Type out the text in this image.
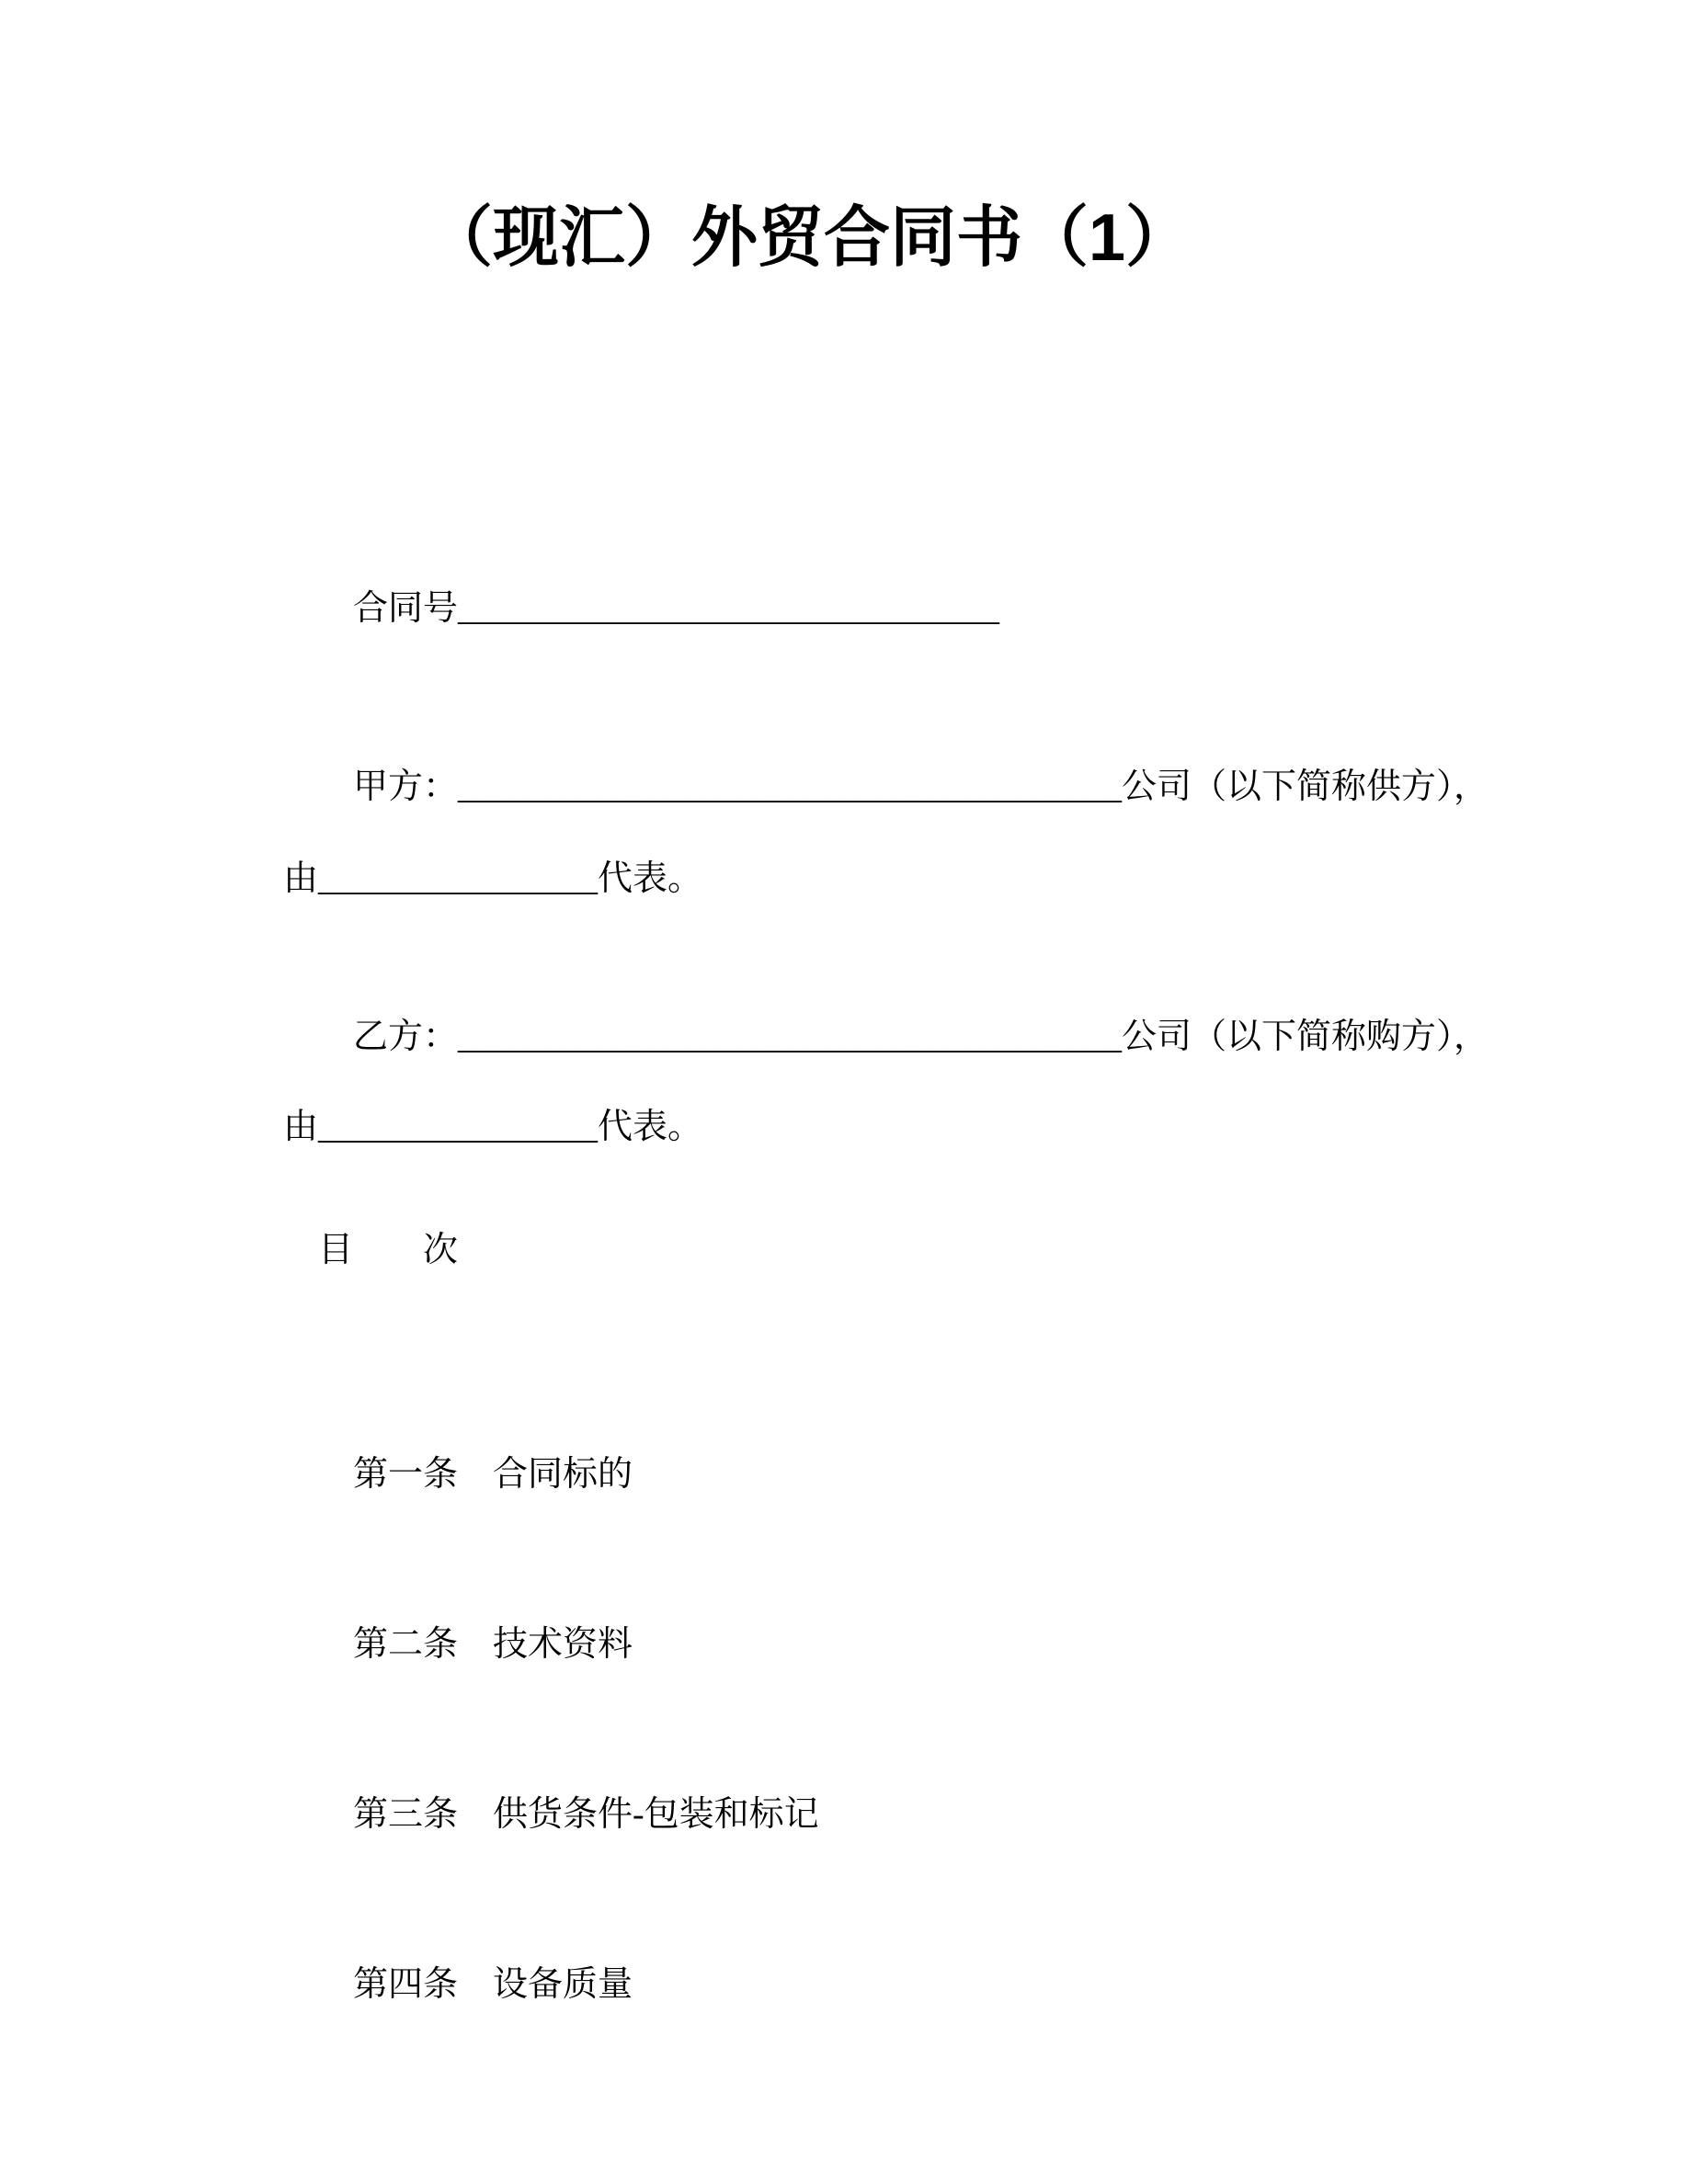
（现汇）外贸合同书（1）

合同号_______________________________

甲方：______________________________________公司（以下简称供方），

由________________代表。

乙方：______________________________________公司（以下简称购方），

由________________代表。

目　　次

第一条　 合同标的

第二条　 技术资料

第三条　 供货条件-包装和标记

第四条　 设备质量
